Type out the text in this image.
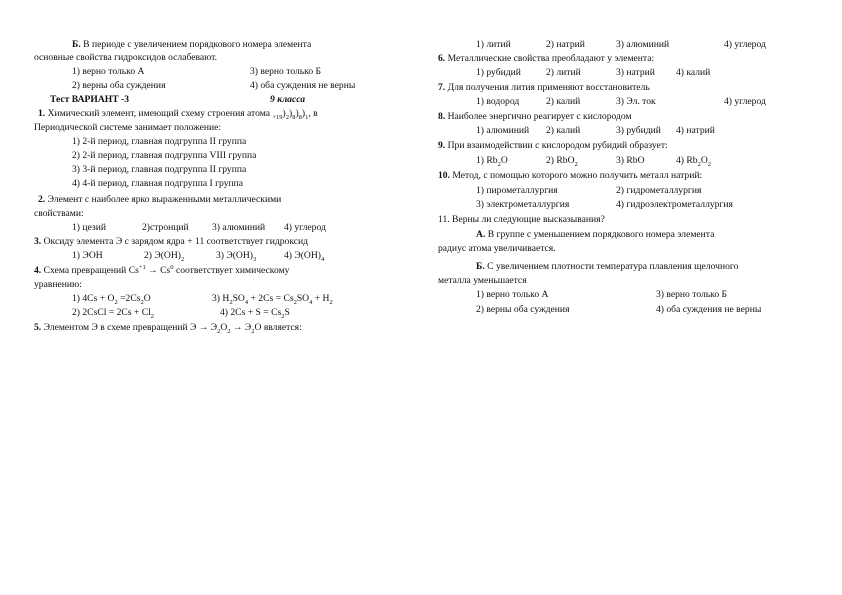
Б. В периоде с увеличением порядкового номера элемента
основные свойства гидроксидов ослабевают.
1) верно только А	3) верно только Б
2) верны оба суждения	4) оба суждения не верны
Тест ВАРИАНТ -3	9 класса
1. Химический элемент, имеющий схему строения атома $_{+19})_2)_8)_8)_1$, в
Периодической системе занимает положение:
1) 2-й период, главная подгруппа II группа
2) 2-й период, главная подгруппа VIII группа
3) 3-й период, главная подгруппа II группа
4) 4-й период, главная подгруппа I группа
2. Элемент с наиболее ярко выраженными металлическими
свойствами:
1) цезий	2)стронций 3) алюминий 4) углерод
3. Оксиду элемента Э с зарядом ядра + 11 соответствует гидроксид
1) ЭОН	2) $Э(OH)_2$	3) $Э(OH)_3$	4) $Э(OH)_4$
4. Схема превращений $Cs^{+1} \to Cs^0$ соответствует химическому
уравнению:
1) $4Cs + O_2 =2Cs_2O$	3) $H_2SO_4 + 2Cs = Cs_2SO_4 + H_2$
2) 2CsCl = $2Cs + Cl_2$	4) $2Cs + S = Cs_2S$
5. Элементом Э в схеме превращений $Э \to Э_2O_2 \to Э_2O$ является:
1) литий	2) натрий	3) алюминий	4) углерод
6. Металлические свойства преобладают у элемента:
1) рубидий	2) литий	3) натрий 4) калий
7. Для получения лития применяют восстановитель
1) водород	2) калий	3) Эл. ток	4) углерод
8. Наиболее энергично реагирует с кислородом
1) алюминий 2) калий	3) рубидий 4) натрий
9. При взаимодействии с кислородом рубидий образует:
1) $Rb_2O$	2) RbO$_2$	3) RbO	4) $Rb_2O_2$
10. Метод, с помощью которого можно получить металл натрий:
1) пирометаллургия	2) гидрометаллургия
3) электрометаллургия	4) гидроэлектрометаллургия
11. Верны ли следующие высказывания?
А. В группе с уменьшением порядкового номера элемента
радиус атома увеличивается.
Б. С увеличением плотности температура плавления щелочного
металла уменьшается
1) верно только А	3) верно только Б
2) верны оба суждения	4) оба суждения не верны
